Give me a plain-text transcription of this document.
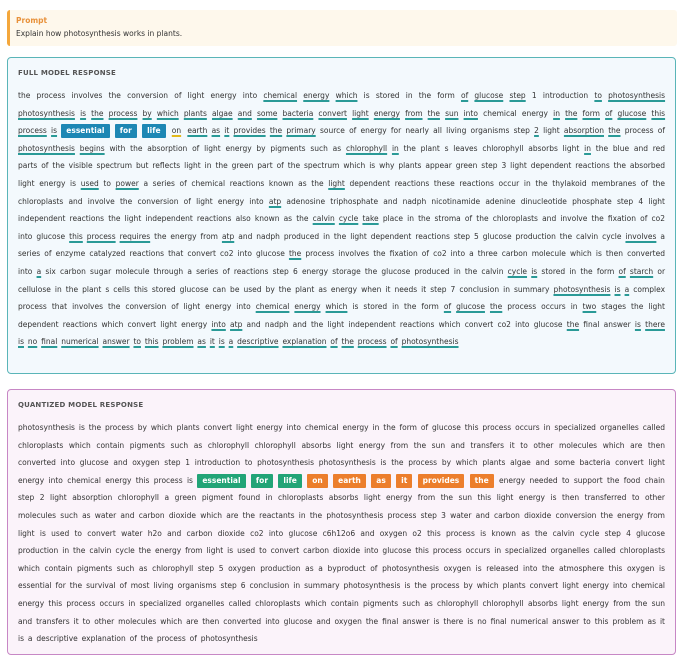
Prompt
Explain how photosynthesis works in plants.
FULL MODEL RESPONSE
the process involves the conversion of light energy into chemical energy which is stored in the form of glucose step 1 introduction to photosynthesis photosynthesis is the process by which plants algae and some bacteria convert light energy from the sun into chemical energy in the form of glucose this process is essential for life on earth as it provides the primary source of energy for nearly all living organisms step 2 light absorption the process of photosynthesis begins with the absorption of light energy by pigments such as chlorophyll in the plant s leaves chlorophyll absorbs light in the blue and red parts of the visible spectrum but reflects light in the green part of the spectrum which is why plants appear green step 3 light dependent reactions the absorbed light energy is used to power a series of chemical reactions known as the light dependent reactions these reactions occur in the thylakoid membranes of the chloroplasts and involve the conversion of light energy into atp adenosine triphosphate and nadph nicotinamide adenine dinucleotide phosphate step 4 light independent reactions the light independent reactions also known as the calvin cycle take place in the stroma of the chloroplasts and involve the fixation of co2 into glucose this process requires the energy from atp and nadph produced in the light dependent reactions step 5 glucose production the calvin cycle involves a series of enzyme catalyzed reactions that convert co2 into glucose the process involves the fixation of co2 into a three carbon molecule which is then converted into a six carbon sugar molecule through a series of reactions step 6 energy storage the glucose produced in the calvin cycle is stored in the form of starch or cellulose in the plant s cells this stored glucose can be used by the plant as energy when it needs it step 7 conclusion in summary photosynthesis is a complex process that involves the conversion of light energy into chemical energy which is stored in the form of glucose the process occurs in two stages the light dependent reactions which convert light energy into atp and nadph and the light independent reactions which convert co2 into glucose the final answer is there is no final numerical answer to this problem as it is a descriptive explanation of the process of photosynthesis
QUANTIZED MODEL RESPONSE
photosynthesis is the process by which plants convert light energy into chemical energy in the form of glucose this process occurs in specialized organelles called chloroplasts which contain pigments such as chlorophyll chlorophyll absorbs light energy from the sun and transfers it to other molecules which are then converted into glucose and oxygen step 1 introduction to photosynthesis photosynthesis is the process by which plants algae and some bacteria convert light energy into chemical energy this process is essential for life on earth as it provides the energy needed to support the food chain step 2 light absorption chlorophyll a green pigment found in chloroplasts absorbs light energy from the sun this light energy is then transferred to other molecules such as water and carbon dioxide which are the reactants in the photosynthesis process step 3 water and carbon dioxide conversion the energy from light is used to convert water h2o and carbon dioxide co2 into glucose c6h12o6 and oxygen o2 this process is known as the calvin cycle step 4 glucose production in the calvin cycle the energy from light is used to convert carbon dioxide into glucose this process occurs in specialized organelles called chloroplasts which contain pigments such as chlorophyll step 5 oxygen production as a byproduct of photosynthesis oxygen is released into the atmosphere this oxygen is essential for the survival of most living organisms step 6 conclusion in summary photosynthesis is the process by which plants convert light energy into chemical energy this process occurs in specialized organelles called chloroplasts which contain pigments such as chlorophyll chlorophyll absorbs light energy from the sun and transfers it to other molecules which are then converted into glucose and oxygen the final answer is there is no final numerical answer to this problem as it is a descriptive explanation of the process of photosynthesis
